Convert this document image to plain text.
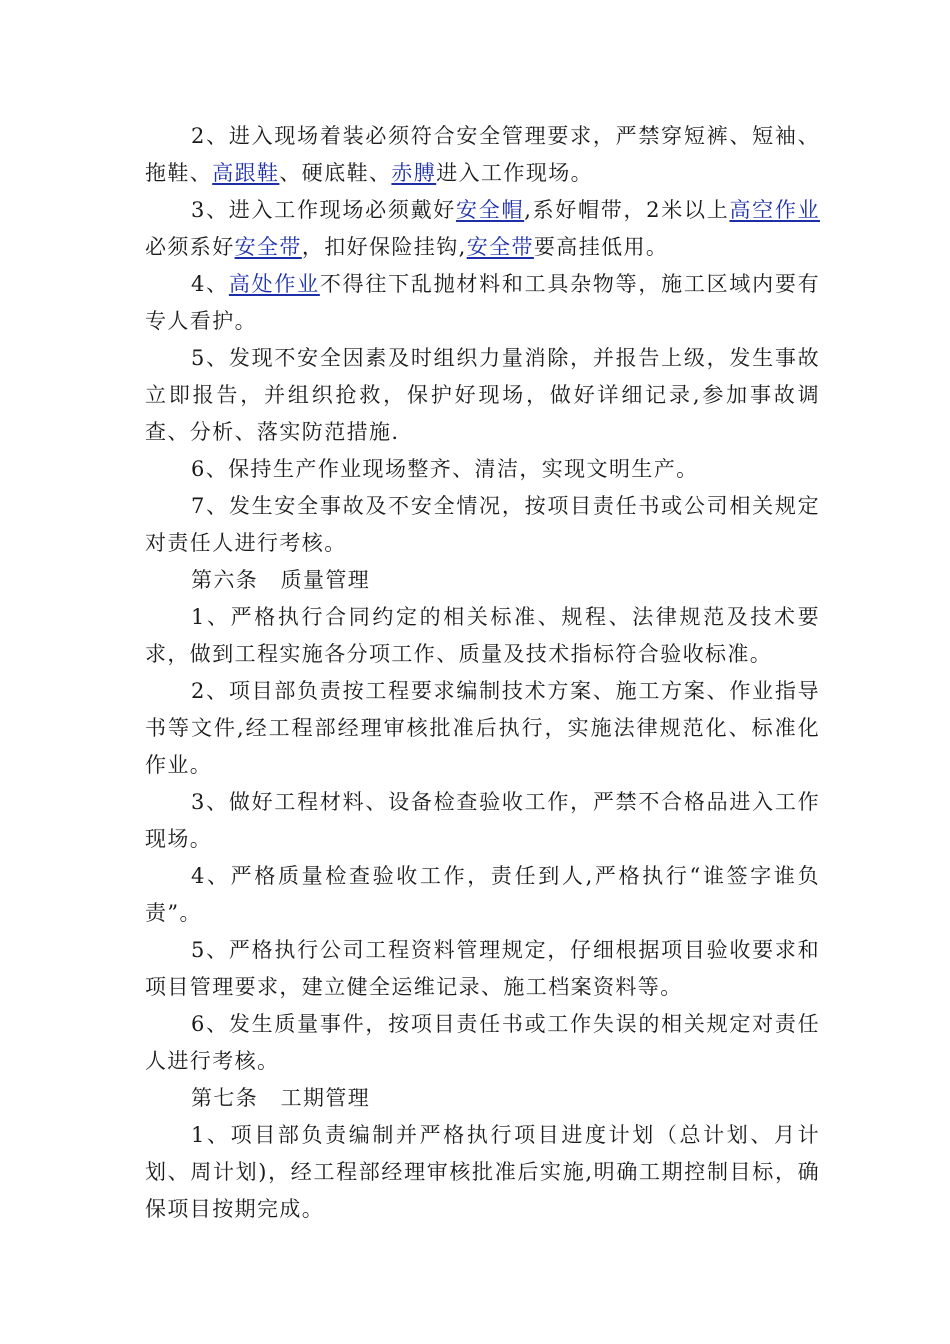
2、进入现场着装必须符合安全管理要求，严禁穿短裤、短袖、拖鞋、高跟鞋、硬底鞋、赤膊进入工作现场。

3、进入工作现场必须戴好安全帽,系好帽带，2米以上高空作业必须系好安全带，扣好保险挂钩,安全带要高挂低用。

4、高处作业不得往下乱抛材料和工具杂物等，施工区域内要有专人看护。

5、发现不安全因素及时组织力量消除，并报告上级，发生事故立即报告，并组织抢救，保护好现场，做好详细记录,参加事故调查、分析、落实防范措施.

6、保持生产作业现场整齐、清洁，实现文明生产。

7、发生安全事故及不安全情况，按项目责任书或公司相关规定对责任人进行考核。

第六条　质量管理

1、严格执行合同约定的相关标准、规程、法律规范及技术要求，做到工程实施各分项工作、质量及技术指标符合验收标准。

2、项目部负责按工程要求编制技术方案、施工方案、作业指导书等文件,经工程部经理审核批准后执行，实施法律规范化、标准化作业。

3、做好工程材料、设备检查验收工作，严禁不合格品进入工作现场。

4、严格质量检查验收工作，责任到人,严格执行“谁签字谁负责”。

5、严格执行公司工程资料管理规定，仔细根据项目验收要求和项目管理要求，建立健全运维记录、施工档案资料等。

6、发生质量事件，按项目责任书或工作失误的相关规定对责任人进行考核。

第七条　工期管理

1、项目部负责编制并严格执行项目进度计划（总计划、月计划、周计划)，经工程部经理审核批准后实施,明确工期控制目标，确保项目按期完成。
